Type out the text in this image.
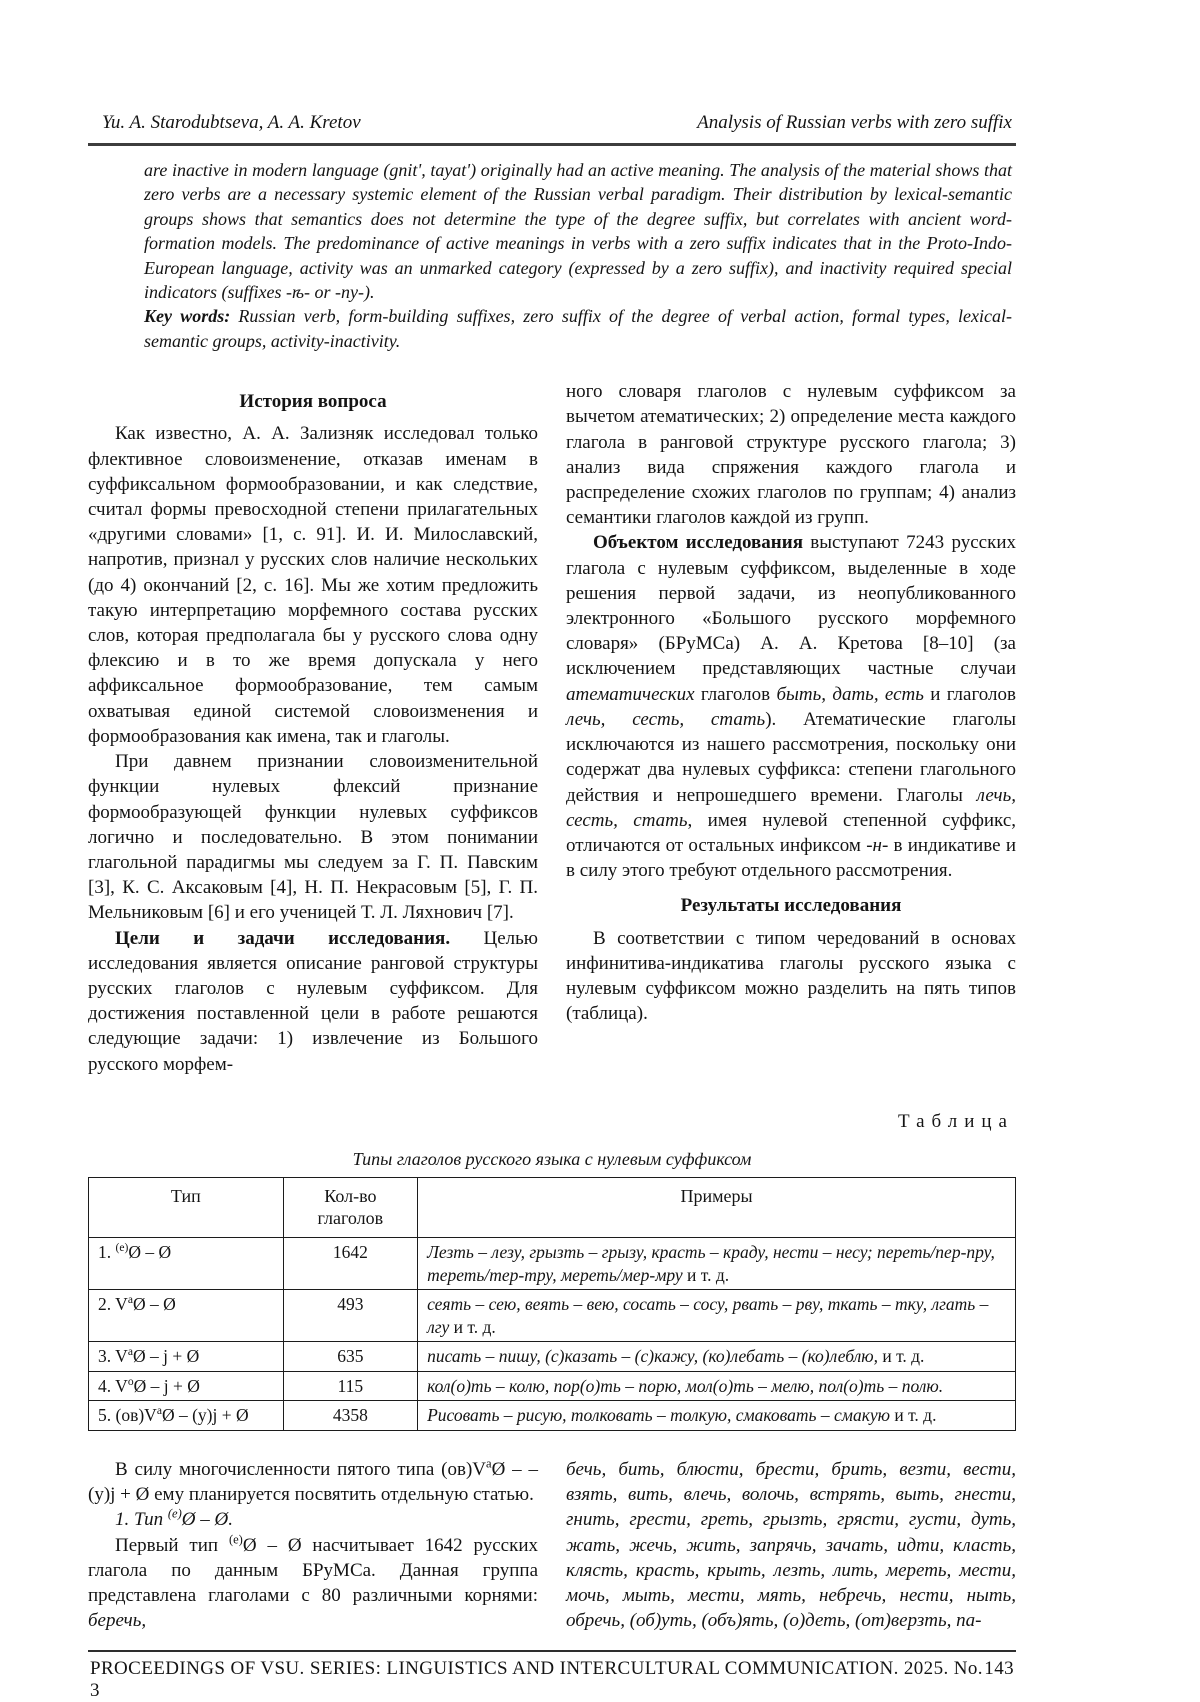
Yu. A. Starodubtseva, A. A. Kretov	Analysis of Russian verbs with zero suffix
are inactive in modern language (gnit', tayat') originally had an active meaning. The analysis of the material shows that zero verbs are a necessary systemic element of the Russian verbal paradigm. Their distribution by lexical-semantic groups shows that semantics does not determine the type of the degree suffix, but correlates with ancient word-formation models. The predominance of active meanings in verbs with a zero suffix indicates that in the Proto-Indo-European language, activity was an unmarked category (expressed by a zero suffix), and inactivity required special indicators (suffixes -ѣ- or -ny-).
Key words: Russian verb, form-building suffixes, zero suffix of the degree of verbal action, formal types, lexical-semantic groups, activity-inactivity.
История вопроса

Как известно, А. А. Зализняк исследовал только флективное словоизменение, отказав именам в суффиксальном формообразовании, и как следствие, считал формы превосходной степени прилагательных «другими словами» [1, с. 91]. И. И. Милославский, напротив, признал у русских слов наличие нескольких (до 4) окончаний [2, с. 16]. Мы же хотим предложить такую интерпретацию морфемного состава русских слов, которая предполагала бы у русского слова одну флексию и в то же время допускала у него аффиксальное формообразование, тем самым охватывая единой системой словоизменения и формообразования как имена, так и глаголы.

При давнем признании словоизменительной функции нулевых флексий признание формообразующей функции нулевых суффиксов логично и последовательно. В этом понимании глагольной парадигмы мы следуем за Г. П. Павским [3], К. С. Аксаковым [4], Н. П. Некрасовым [5], Г. П. Мельниковым [6] и его ученицей Т. Л. Ляхнович [7].

Цели и задачи исследования. Целью исследования является описание ранговой структуры русских глаголов с нулевым суффиксом. Для достижения поставленной цели в работе решаются следующие задачи: 1) извлечение из Большого русского морфем-

ного словаря глаголов с нулевым суффиксом за вычетом атематических; 2) определение места каждого глагола в ранговой структуре русского глагола; 3) анализ вида спряжения каждого глагола и распределение схожих глаголов по группам; 4) анализ семантики глаголов каждой из групп.

Объектом исследования выступают 7243 русских глагола с нулевым суффиксом, выделенные в ходе решения первой задачи, из неопубликованного электронного «Большого русского морфемного словаря» (БРуМСа) А. А. Кретова [8–10] (за исключением представляющих частные случаи атематических глаголов быть, дать, есть и глаголов лечь, сесть, стать). Атематические глаголы исключаются из нашего рассмотрения, поскольку они содержат два нулевых суффикса: степени глагольного действия и непрошедшего времени. Глаголы лечь, сесть, стать, имея нулевой степенной суффикс, отличаются от остальных инфиксом -н- в индикативе и в силу этого требуют отдельного рассмотрения.

Результаты исследования

В соответствии с типом чередований в основах инфинитива-индикатива глаголы русского языка с нулевым суффиксом можно разделить на пять типов (таблица).

Таблица
Типы глаголов русского языка с нулевым суффиксом
Тип	Кол-во глаголов	Примеры
1. $^{(e)}$Ø – Ø	1642	Лезть – лезу, грызть – грызу, красть – краду, нести – несу; переть/пер-пру, тереть/тер-тру, мереть/мер-мру и т. д.
2. $V^aØ$ – Ø	493	сеять – сею, веять – вею, сосать – сосу, рвать – рву, ткать – тку, лгать – лгу и т. д.
3. $V^aØ$ – j + Ø	635	писать – пишу, (с)казать – (с)кажу, (ко)лебать – (ко)леблю, и т. д.
4. $V^oØ$ – j + Ø	115	кол(о)ть – колю, пор(о)ть – порю, мол(о)ть – мелю, пол(о)ть – полю.
5. $(ов)V^aØ - (у)j$ + Ø	4358	Рисовать – рисую, толковать – толкую, смаковать – смакую и т. д.

В силу многочисленности пятого типа $(ов)V^aØ$ – – (у)j + Ø ему планируется посвятить отдельную статью.

1. Тип $^{(e)}$Ø – Ø.

Первый тип $^{(e)}$Ø – Ø насчитывает 1642 русских глагола по данным БРуМСа. Данная группа представлена глаголами с 80 различными корнями: беречь,

бечь, бить, блюсти, брести, брить, везти, вести, взять, вить, влечь, волочь, встрять, выть, гнести, гнить, грести, греть, грызть, грясти, густи, дуть, жать, жечь, жить, запрячь, зачать, идти, класть, клясть, красть, крыть, лезть, лить, мереть, мести, мочь, мыть, мести, мять, небречь, нести, ныть, обречь, (об)уть, (объ)ять, (о)деть, (от)верзть, па-

PROCEEDINGS OF VSU. SERIES: LINGUISTICS AND INTERCULTURAL COMMUNICATION. 2025. No. 3
143
